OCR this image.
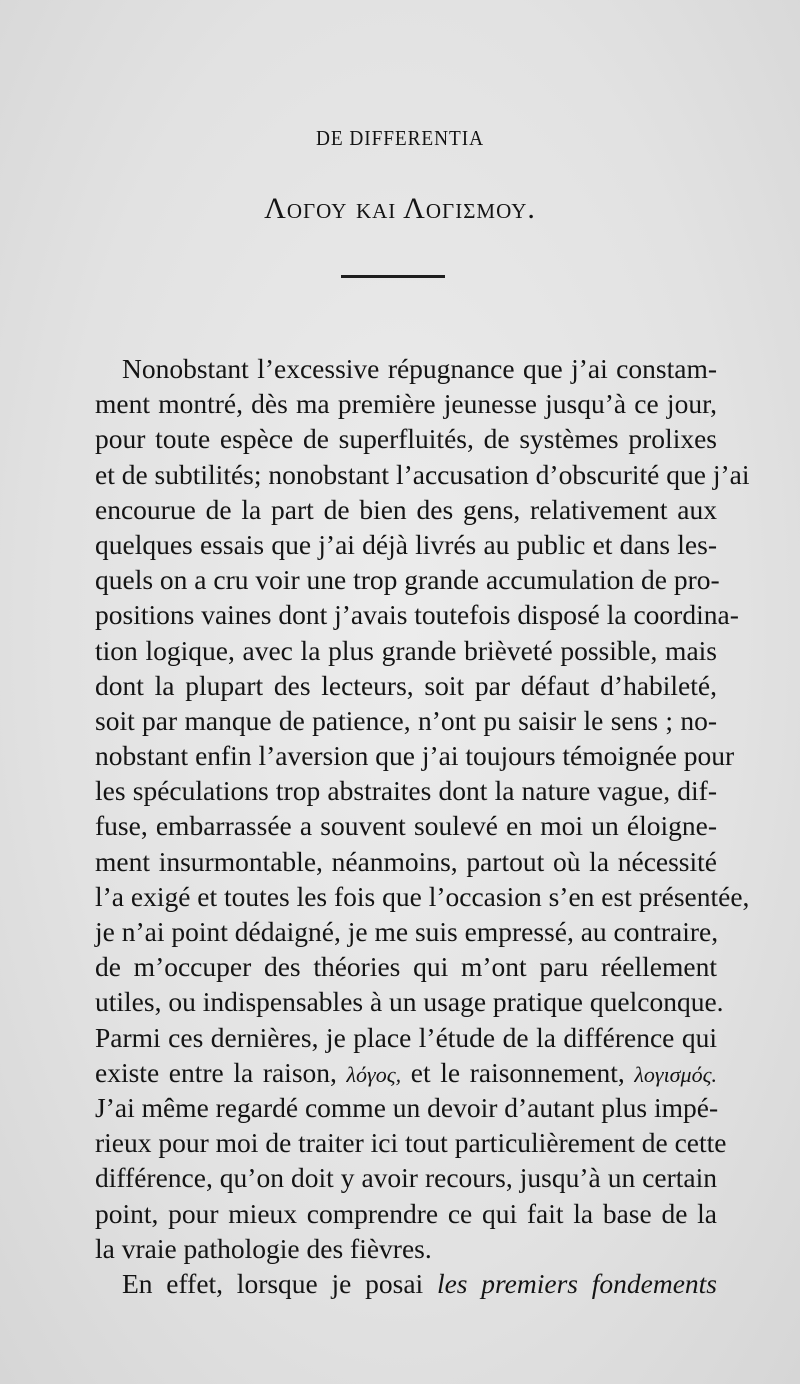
DE DIFFERENTIA
Λογου και Λογισμου.
Nonobstant l’excessive répugnance que j’ai constam-
ment montré, dès ma première jeunesse jusqu’à ce jour,
pour toute espèce de superfluités, de systèmes prolixes
et de subtilités; nonobstant l’accusation d’obscurité que j’ai
encourue de la part de bien des gens, relativement aux
quelques essais que j’ai déjà livrés au public et dans les-
quels on a cru voir une trop grande accumulation de pro-
positions vaines dont j’avais toutefois disposé la coordina-
tion logique, avec la plus grande brièveté possible, mais
dont la plupart des lecteurs, soit par défaut d’habileté,
soit par manque de patience, n’ont pu saisir le sens ; no-
nobstant enfin l’aversion que j’ai toujours témoignée pour
les spéculations trop abstraites dont la nature vague, dif-
fuse, embarrassée a souvent soulevé en moi un éloigne-
ment insurmontable, néanmoins, partout où la nécessité
l’a exigé et toutes les fois que l’occasion s’en est présentée,
je n’ai point dédaigné, je me suis empressé, au contraire,
de m’occuper des théories qui m’ont paru réellement
utiles, ou indispensables à un usage pratique quelconque.
Parmi ces dernières, je place l’étude de la différence qui
existe entre la raison, λόγος, et le raisonnement, λογισμός.
J’ai même regardé comme un devoir d’autant plus impé-
rieux pour moi de traiter ici tout particulièrement de cette
différence, qu’on doit y avoir recours, jusqu’à un certain
point, pour mieux comprendre ce qui fait la base de la
la vraie pathologie des fièvres.
En effet, lorsque je posai les premiers fondements
